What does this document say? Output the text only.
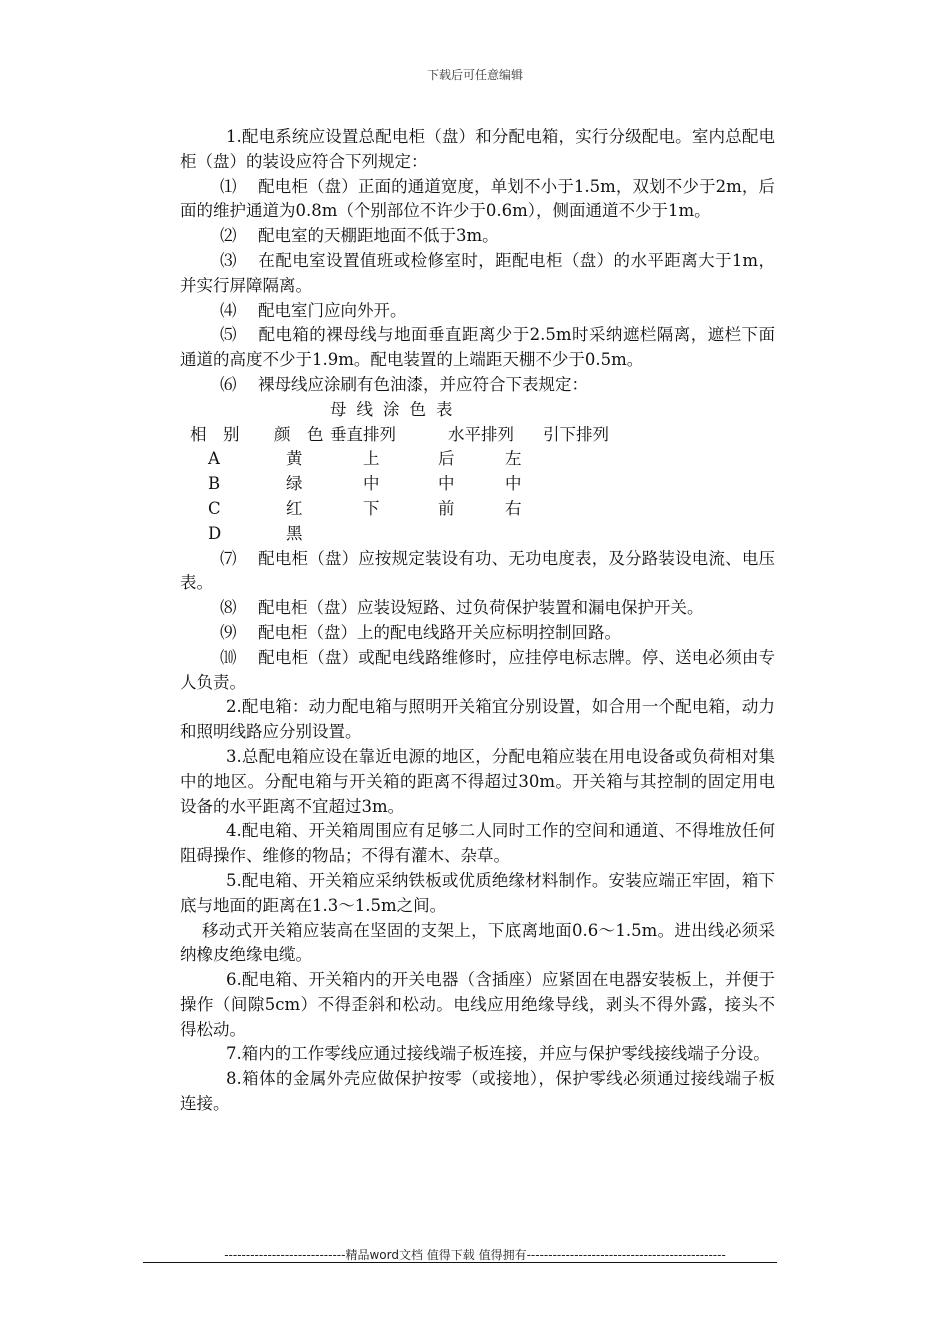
下载后可任意编辑

1.配电系统应设置总配电柜（盘）和分配电箱，实行分级配电。室内总配电柜（盘）的装设应符合下列规定：

⑴ 配电柜（盘）正面的通道宽度，单划不小于1.5m，双划不少于2m，后面的维护通道为0.8m（个别部位不许少于0.6m），侧面通道不少于1m。

⑵ 配电室的天棚距地面不低于3m。

⑶ 在配电室设置值班或检修室时，距配电柜（盘）的水平距离大于1m，并实行屏障隔离。

⑷ 配电室门应向外开。

⑸ 配电箱的裸母线与地面垂直距离少于2.5m时采纳遮栏隔离，遮栏下面通道的高度不少于1.9m。配电装置的上端距天棚不少于0.5m。

⑹ 裸母线应涂刷有色油漆，并应符合下表规定：

母线涂色表

相　别 颜　色 垂直排列	水平排列 引下排列

A	黄	上	后	左

B	绿	中	中	中

C	红	下	前	右

D	黑

⑺ 配电柜（盘）应按规定装设有功、无功电度表，及分路装设电流、电压表。

⑻ 配电柜（盘）应装设短路、过负荷保护装置和漏电保护开关。

⑼ 配电柜（盘）上的配电线路开关应标明控制回路。

⑽ 配电柜（盘）或配电线路维修时，应挂停电标志牌。停、送电必须由专人负责。

2.配电箱：动力配电箱与照明开关箱宜分别设置，如合用一个配电箱，动力和照明线路应分别设置。

3.总配电箱应设在靠近电源的地区，分配电箱应装在用电设备或负荷相对集中的地区。分配电箱与开关箱的距离不得超过30m。开关箱与其控制的固定用电设备的水平距离不宜超过3m。

4.配电箱、开关箱周围应有足够二人同时工作的空间和通道、不得堆放任何阻碍操作、维修的物品；不得有灌木、杂草。

5.配电箱、开关箱应采纳铁板或优质绝缘材料制作。安装应端正牢固，箱下底与地面的距离在1.3～1.5m之间。

移动式开关箱应装高在坚固的支架上，下底离地面0.6～1.5m。进出线必须采纳橡皮绝缘电缆。

6.配电箱、开关箱内的开关电器（含插座）应紧固在电器安装板上，并便于操作（间隙5cm）不得歪斜和松动。电线应用绝缘导线，剥头不得外露，接头不得松动。

7.箱内的工作零线应通过接线端子板连接，并应与保护零线接线端子分设。

8.箱体的金属外壳应做保护按零（或接地），保护零线必须通过接线端子板连接。

----------------------------精品word文档 值得下载 值得拥有----------------------------------------------
